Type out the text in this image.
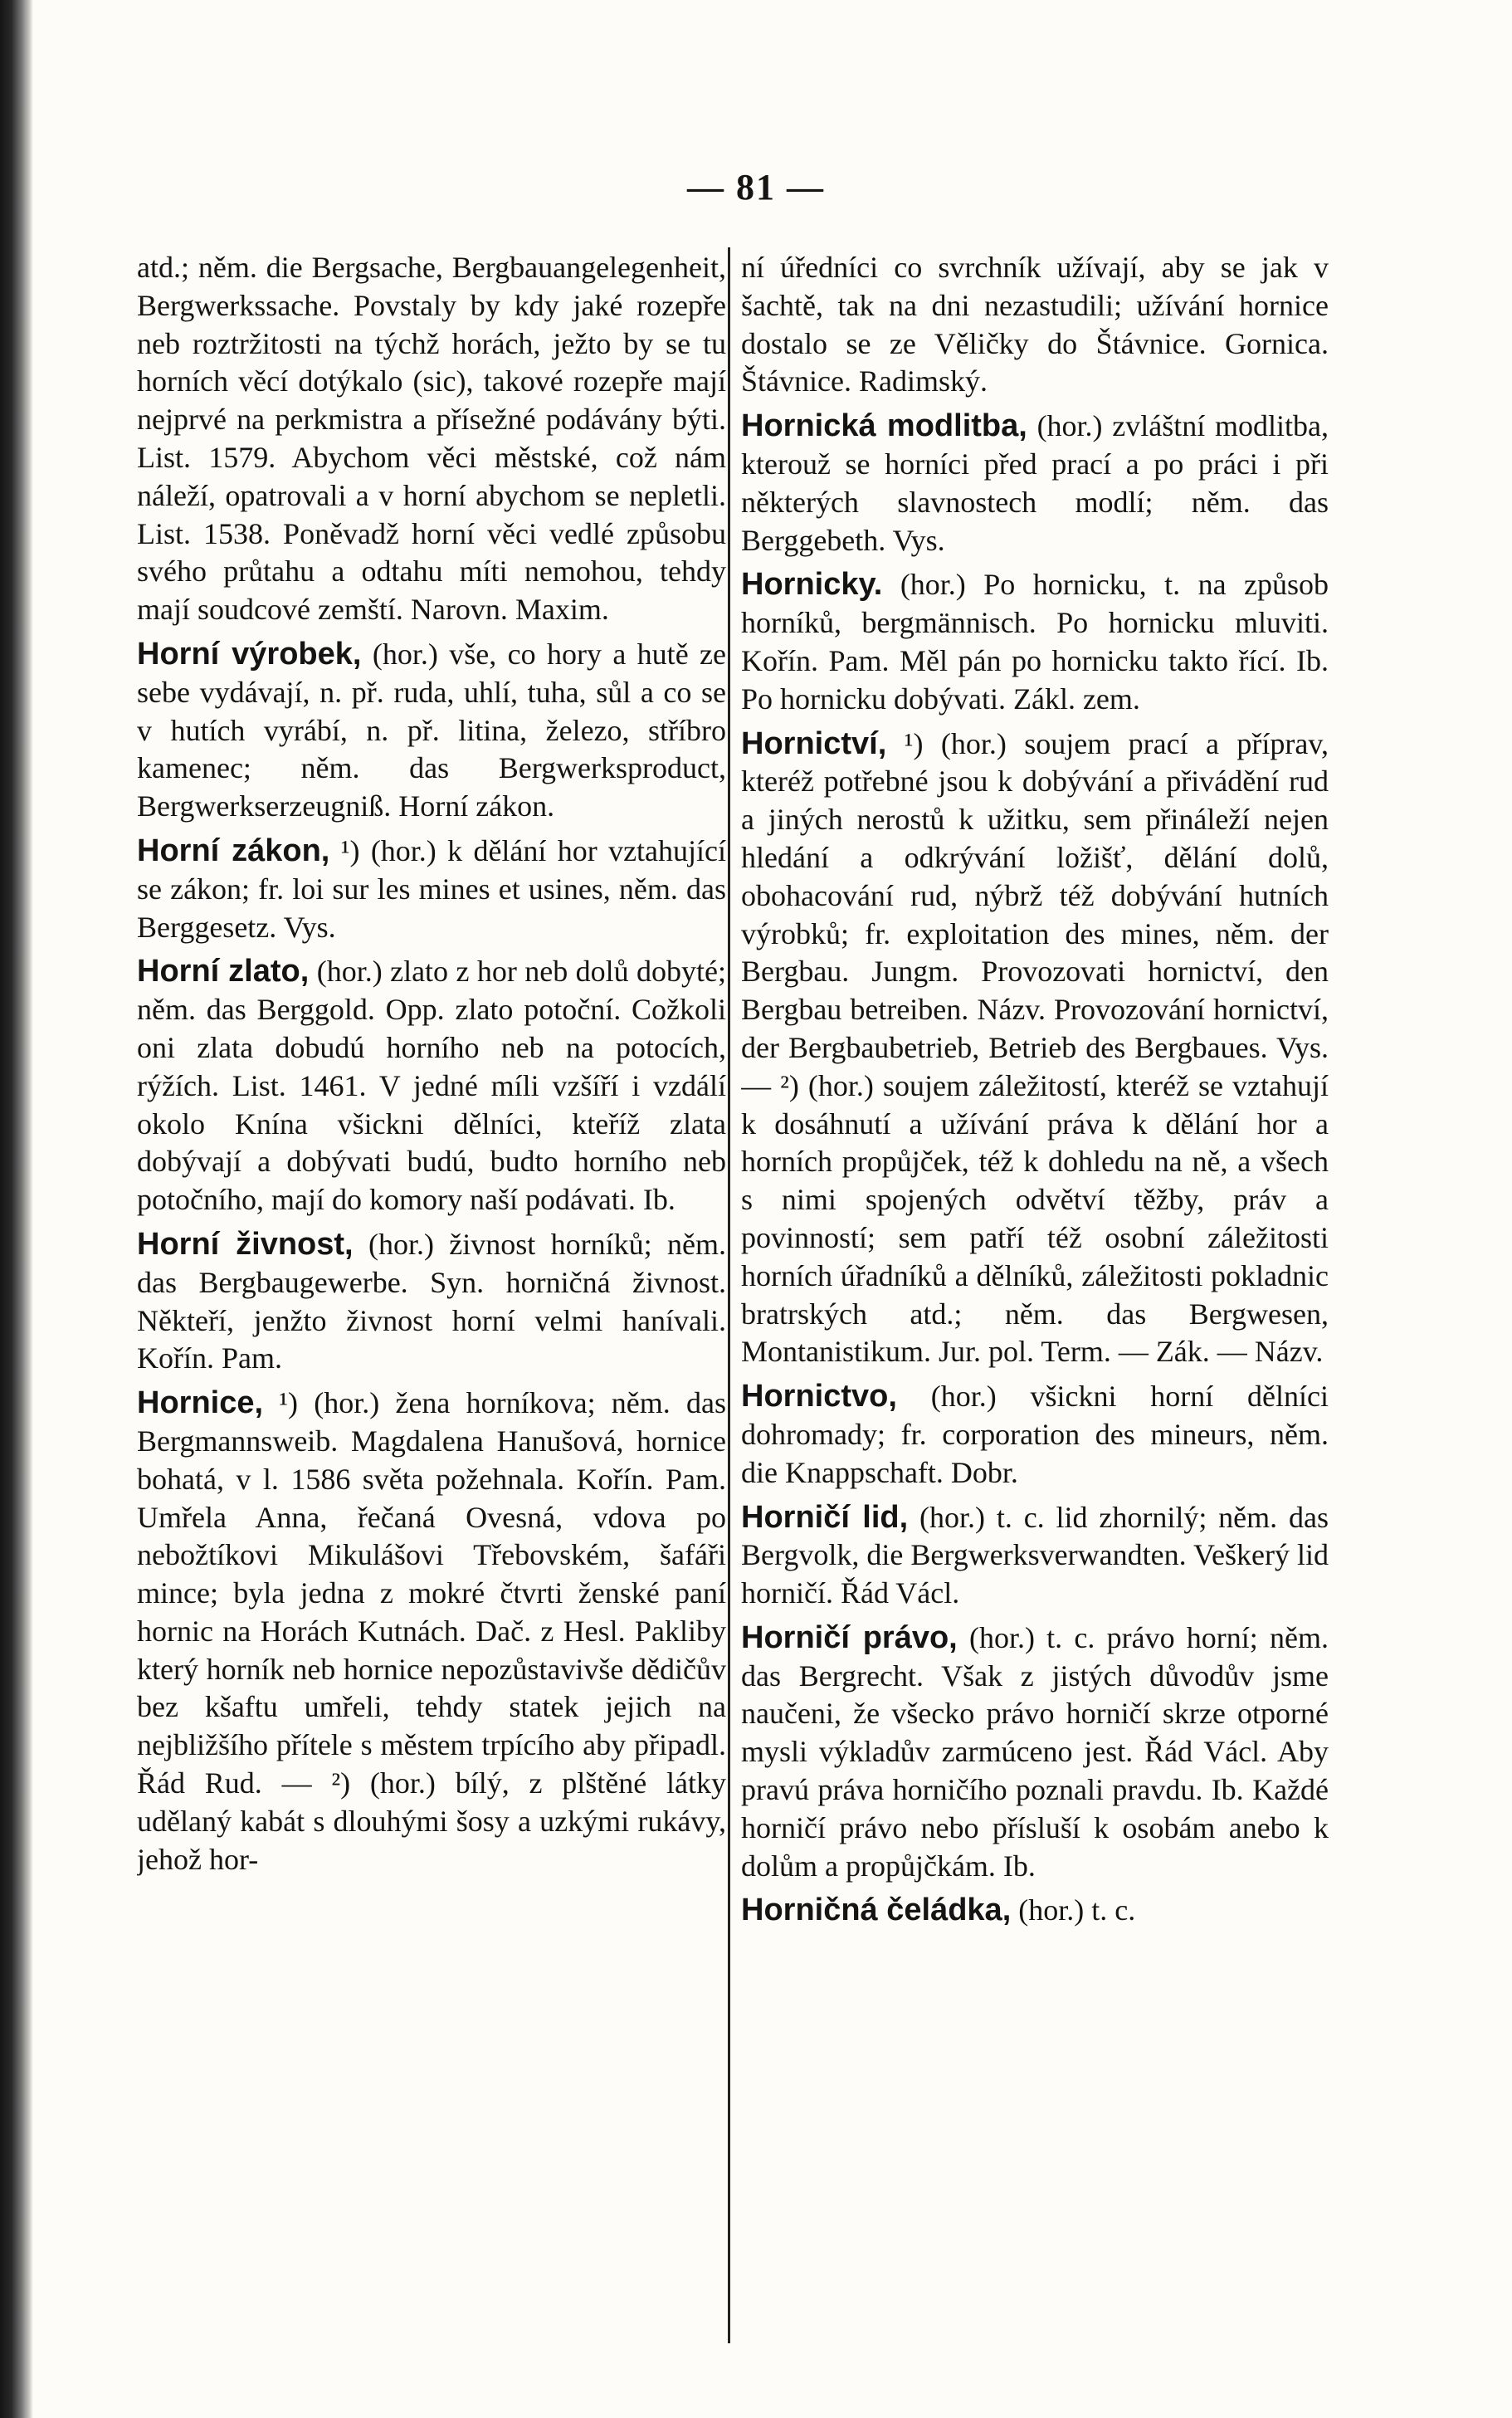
— 81 —

atd.; něm. die Bergsache, Bergbauangelegenheit, Bergwerkssache. Povstaly by kdy jaké rozepře neb roztržitosti na týchž horách, ježto by se tu horních věcí dotýkalo (sic), takové rozepře mají nejprvé na perkmistra a přísežné podávány býti. List. 1579. Abychom věci městské, což nám náleží, opatrovali a v horní abychom se nepletli. List. 1538. Poněvadž horní věci vedlé způsobu svého průtahu a odtahu míti nemohou, tehdy mají soudcové zemští. Narovn. Maxim.

Horní výrobek, (hor.) vše, co hory a hutě ze sebe vydávají, n. př. ruda, uhlí, tuha, sůl a co se v hutích vyrábí, n. př. litina, železo, stříbro kamenec; něm. das Bergwerksproduct, Bergwerkserzeugniß. Horní zákon.

Horní zákon, ¹) (hor.) k dělání hor vztahující se zákon; fr. loi sur les mines et usines, něm. das Berggesetz. Vys.

Horní zlato, (hor.) zlato z hor neb dolů dobyté; něm. das Berggold. Opp. zlato potoční. Cožkoli oni zlata dobudú horního neb na potocích, rýžích. List. 1461. V jedné míli vzšíří i vzdálí okolo Knína všickni dělníci, kteříž zlata dobývají a dobývati budú, budto horního neb potočního, mají do komory naší podávati. Ib.

Horní živnost, (hor.) živnost horníků; něm. das Bergbaugewerbe. Syn. horničná živnost. Někteří, jenžto živnost horní velmi hanívali. Kořín. Pam.

Hornice, ¹) (hor.) žena horníkova; něm. das Bergmannsweib. Magdalena Hanušová, hornice bohatá, v l. 1586 světa požehnala. Kořín. Pam. Umřela Anna, řečaná Ovesná, vdova po nebožtíkovi Mikulášovi Třebovském, šafáři mince; byla jedna z mokré čtvrti ženské paní hornic na Horách Kutnách. Dač. z Hesl. Pakliby který horník neb hornice nepozůstavivše dědičův bez kšaftu umřeli, tehdy statek jejich na nejbližšího přítele s městem trpícího aby připadl. Řád Rud. — ²) (hor.) bílý, z plštěné látky udělaný kabát s dlouhými šosy a uzkými rukávy, jehož hor-

ní úředníci co svrchník užívají, aby se jak v šachtě, tak na dni nezastudili; užívání hornice dostalo se ze Věličky do Štávnice. Gornica. Štávnice. Radimský.

Hornická modlitba, (hor.) zvláštní modlitba, kterouž se horníci před prací a po práci i při některých slavnostech modlí; něm. das Berggebeth. Vys.

Hornicky. (hor.) Po hornicku, t. na způsob horníků, bergmännisch. Po hornicku mluviti. Kořín. Pam. Měl pán po hornicku takto řící. Ib. Po hornicku dobývati. Zákl. zem.

Hornictví, ¹) (hor.) soujem prací a příprav, kteréž potřebné jsou k dobývání a přivádění rud a jiných nerostů k užitku, sem přináleží nejen hledání a odkrývání ložišť, dělání dolů, obohacování rud, nýbrž též dobývání hutních výrobků; fr. exploitation des mines, něm. der Bergbau. Jungm. Provozovati hornictví, den Bergbau betreiben. Názv. Provozování hornictví, der Bergbaubetrieb, Betrieb des Bergbaues. Vys. — ²) (hor.) soujem záležitostí, kteréž se vztahují k dosáhnutí a užívání práva k dělání hor a horních propůjček, též k dohledu na ně, a všech s nimi spojených odvětví těžby, práv a povinností; sem patří též osobní záležitosti horních úřadníků a dělníků, záležitosti pokladnic bratrských atd.; něm. das Bergwesen, Montanistikum. Jur. pol. Term. — Zák. — Názv.

Hornictvo, (hor.) všickni horní dělníci dohromady; fr. corporation des mineurs, něm. die Knappschaft. Dobr.

Horničí lid, (hor.) t. c. lid zhornilý; něm. das Bergvolk, die Bergwerksverwandten. Veškerý lid horničí. Řád Václ.

Horničí právo, (hor.) t. c. právo horní; něm. das Bergrecht. Však z jistých důvodův jsme naučeni, že všecko právo horničí skrze otporné mysli výkladův zarmúceno jest. Řád Václ. Aby pravú práva horničího poznali pravdu. Ib. Každé horničí právo nebo přísluší k osobám anebo k dolům a propůjčkám. Ib.

Horničná čeládka, (hor.) t. c.
